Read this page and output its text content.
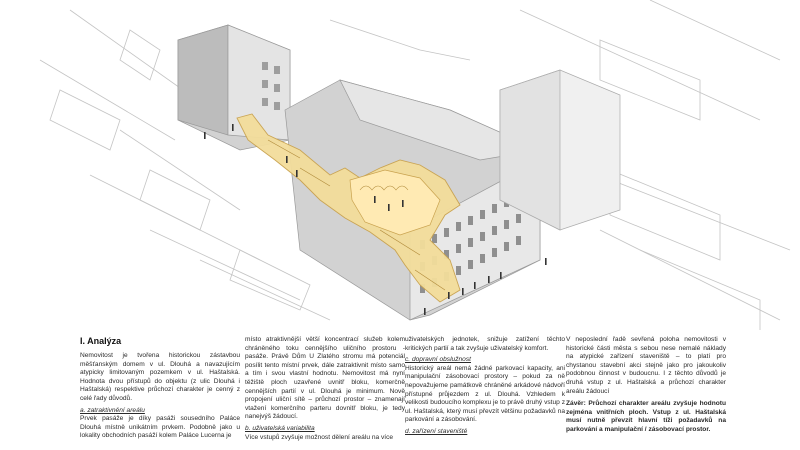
I. Analýza

Nemovitost je tvořena historickou zástavbou měšťanským domem v ul. Dlouhá a navazujícím atypicky limitovaným pozemkem v ul. Haštalská. Hodnota dvou přístupů do objektu (z ulic Dlouhá i Haštalská) respektive průchozí charakter je cenný z celé řady důvodů.

a. zatraktivnění areálu

Prvek pasáže je díky pasáži sousedního Paláce Dlouhá místně unikátním prvkem. Podobně jako u lokality obchodních pasáží kolem Paláce Lucerna je

místo atraktivnější větší koncentrací služeb kolem chráněného toku cennějšího uličního prostoru - pasáže. Právě Dům U Zlatého stromu má potenciál posílit tento místní prvek, dále zatraktivnit místo samo a tím i svou vlastní hodnotu. Nemovitost má nyní těžiště ploch uzavřené uvnitř bloku, komerčně cennějších partií v ul. Dlouhá je minimum. Nově propojení uliční sítě – průchozí prostor – znamenají vtažení komerčního parteru dovnitř bloku, je tedy nanejvýš žádoucí.

b. uživatelská variabilita

Více vstupů zvyšuje možnost dělení areálu na více

uživatelských jednotek, snižuje zatížení těchto kritických partií a tak zvyšuje uživatelský komfort.

c. dopravní obslužnost

Historický areál nemá žádné parkovací kapacity, ani manipulační zásobovací prostory – pokud za ně nepovažujeme památkově chráněné arkádové nádvoří přístupné průjezdem z ul. Dlouhá. Vzhledem k velikosti budoucího komplexu je to právě druhý vstup z ul. Haštalská, který musí převzít většinu požadavků na parkování a zásobování.

d. zařízení staveniště

V neposlední řadě sevřená poloha nemovitosti v historické části města s sebou nese nemalé náklady na atypické zařízení staveniště – to platí pro chystanou stavební akci stejně jako pro jakoukoliv podobnou činnost v budoucnu. I z těchto důvodů je druhá vstup z ul. Haštalská a průchozí charakter areálu žádoucí

Závěr: Průchozí charakter areálu zvyšuje hodnotu zejména vnitřních ploch. Vstup z ul. Haštalská musí nutně převzít hlavní tíži požadavků na parkování a manipulační / zásobovací prostor.
